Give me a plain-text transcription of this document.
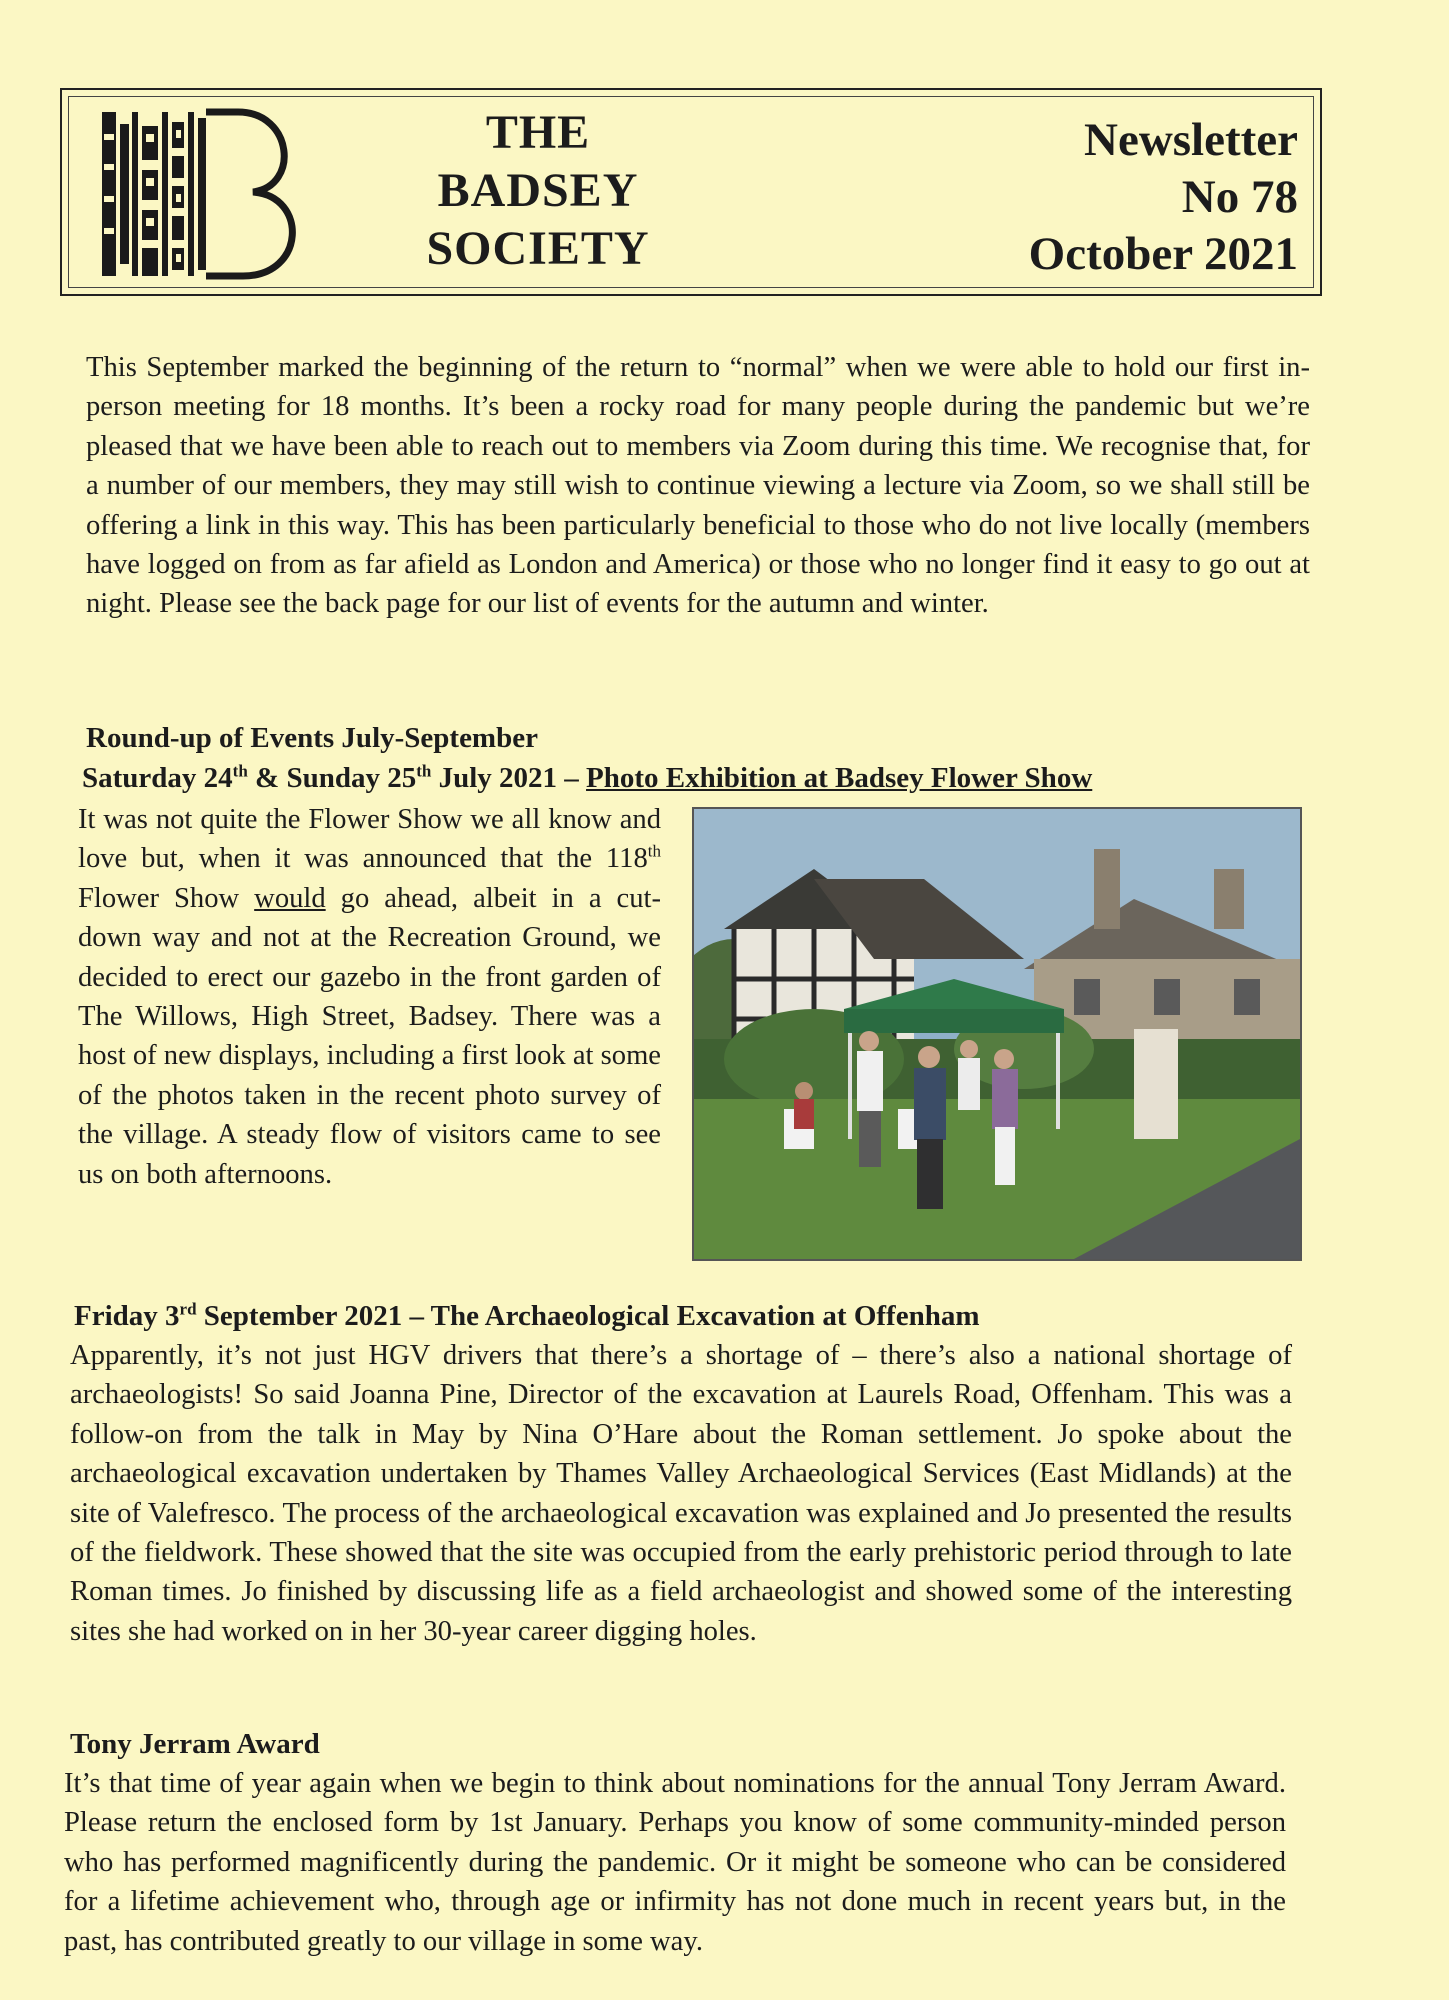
THE
BADSEY
SOCIETY
Newsletter
No 78
October 2021

This September marked the beginning of the return to “normal” when we were able to hold our first in-person meeting for 18 months. It’s been a rocky road for many people during the pandemic but we’re pleased that we have been able to reach out to members via Zoom during this time. We recognise that, for a number of our members, they may still wish to continue viewing a lecture via Zoom, so we shall still be offering a link in this way. This has been particularly beneficial to those who do not live locally (members have logged on from as far afield as London and America) or those who no longer find it easy to go out at night. Please see the back page for our list of events for the autumn and winter.

Round-up of Events July-September
Saturday 24th & Sunday 25th July 2021 – Photo Exhibition at Badsey Flower Show

It was not quite the Flower Show we all know and love but, when it was announced that the 118th Flower Show would go ahead, albeit in a cut-down way and not at the Recreation Ground, we decided to erect our gazebo in the front garden of The Willows, High Street, Badsey. There was a host of new displays, including a first look at some of the photos taken in the recent photo survey of the village. A steady flow of visitors came to see us on both afternoons.

Friday 3rd September 2021 – The Archaeological Excavation at Offenham

Apparently, it’s not just HGV drivers that there’s a shortage of – there’s also a national shortage of archaeologists! So said Joanna Pine, Director of the excavation at Laurels Road, Offenham. This was a follow-on from the talk in May by Nina O’Hare about the Roman settlement. Jo spoke about the archaeological excavation undertaken by Thames Valley Archaeological Services (East Midlands) at the site of Valefresco. The process of the archaeological excavation was explained and Jo presented the results of the fieldwork. These showed that the site was occupied from the early prehistoric period through to late Roman times. Jo finished by discussing life as a field archaeologist and showed some of the interesting sites she had worked on in her 30-year career digging holes.

Tony Jerram Award

It’s that time of year again when we begin to think about nominations for the annual Tony Jerram Award. Please return the enclosed form by 1st January. Perhaps you know of some community-minded person who has performed magnificently during the pandemic. Or it might be someone who can be considered for a lifetime achievement who, through age or infirmity has not done much in recent years but, in the past, has contributed greatly to our village in some way.
